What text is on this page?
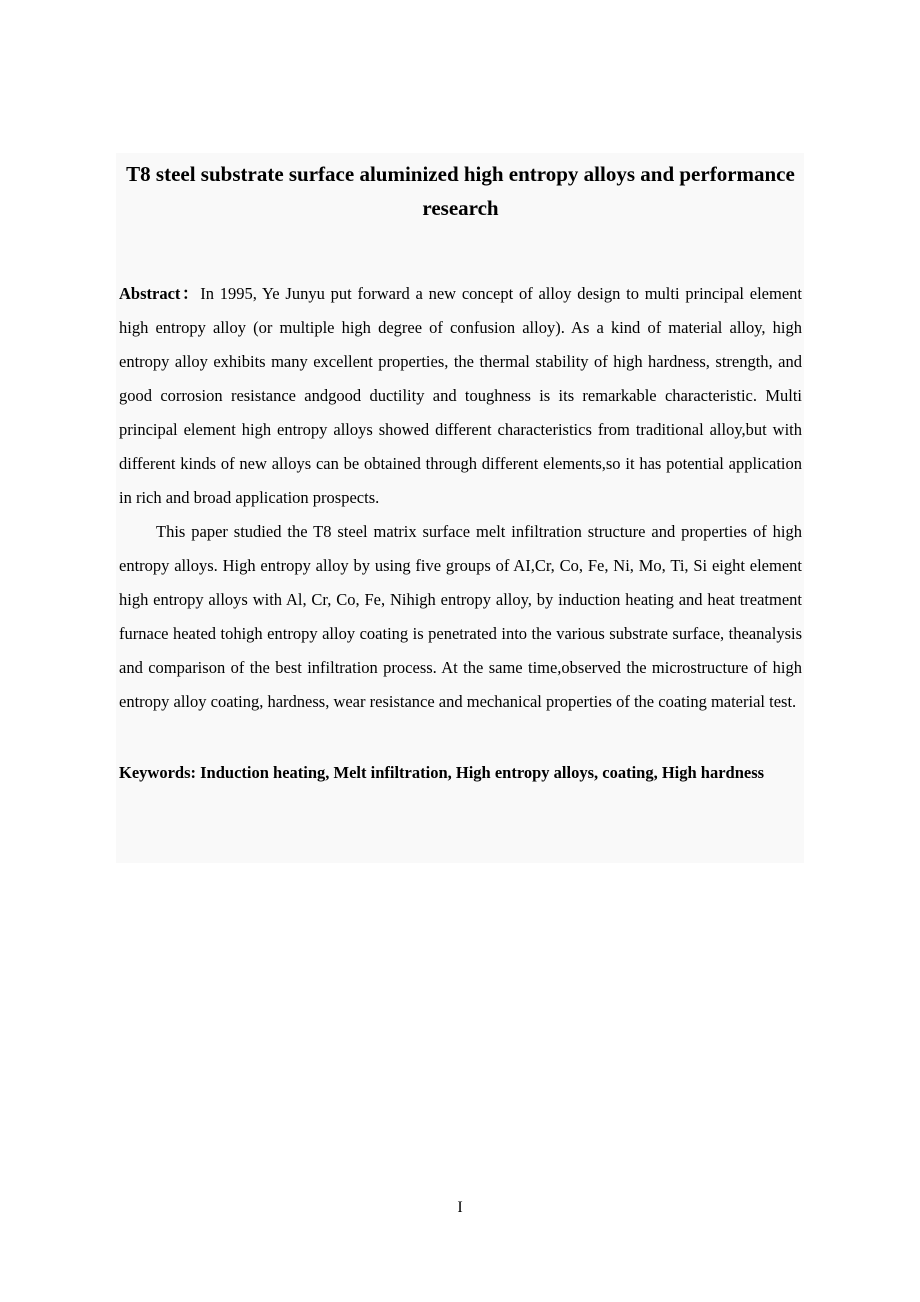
T8 steel substrate surface aluminized high entropy alloys and performance research

Abstract：In 1995, Ye Junyu put forward a new concept of alloy design to multi principal element high entropy alloy (or multiple high degree of confusion alloy). As a kind of material alloy, high entropy alloy exhibits many excellent properties, the thermal stability of high hardness, strength, and good corrosion resistance andgood ductility and toughness is its remarkable characteristic. Multi principal element high entropy alloys showed different characteristics from traditional alloy,but with different kinds of new alloys can be obtained through different elements,so it has potential application in rich and broad application prospects.

This paper studied the T8 steel matrix surface melt infiltration structure and properties of high entropy alloys. High entropy alloy by using five groups of AI,Cr, Co, Fe, Ni, Mo, Ti, Si eight element high entropy alloys with Al, Cr, Co, Fe, Nihigh entropy alloy, by induction heating and heat treatment furnace heated tohigh entropy alloy coating is penetrated into the various substrate surface, theanalysis and comparison of the best infiltration process. At the same time,observed the microstructure of high entropy alloy coating, hardness, wear resistance and mechanical properties of the coating material test.

Keywords: Induction heating, Melt infiltration, High entropy alloys, coating, High hardness

I
